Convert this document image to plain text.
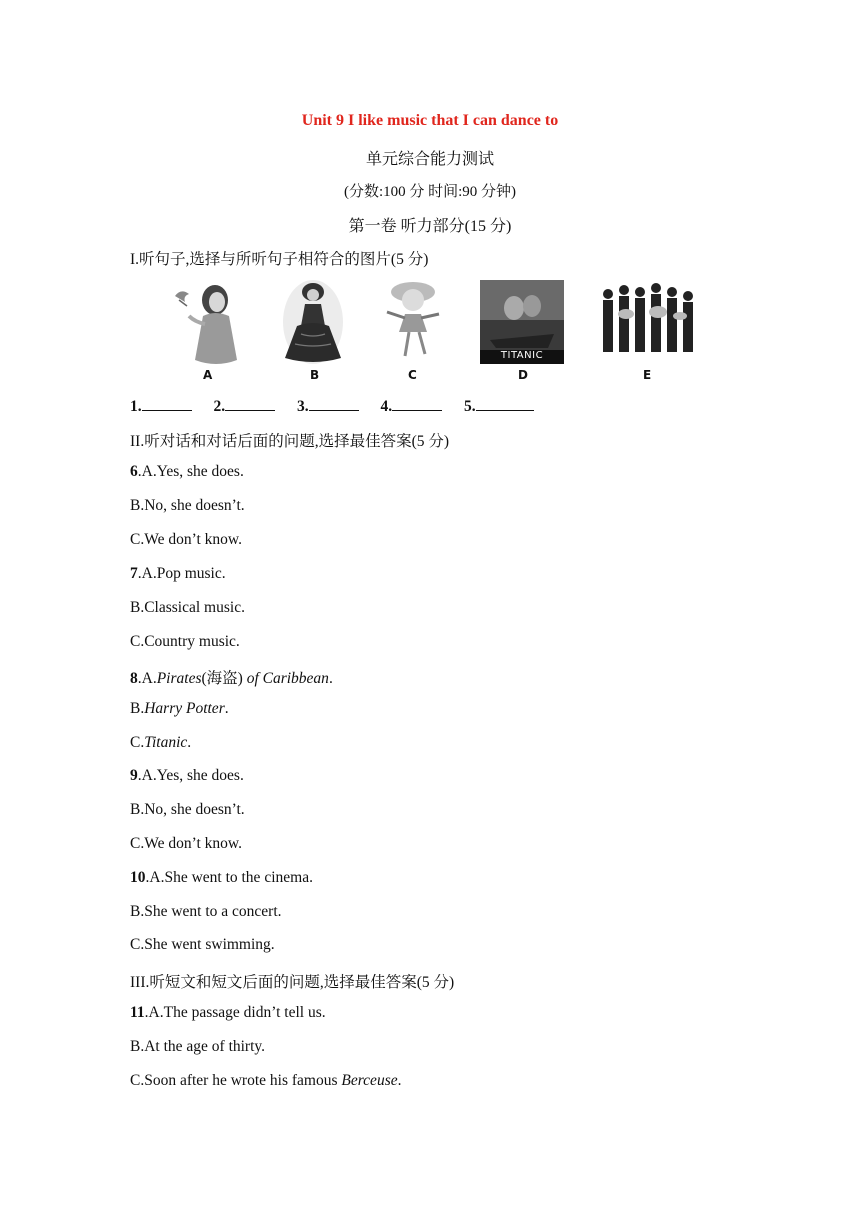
Unit 9 I like music that I can dance to
单元综合能力测试
(分数:100 分 时间:90 分钟)
第一卷 听力部分(15 分)
I.听句子,选择与所听句子相符合的图片(5 分)
A	B	C
TITANIC
D	E
1.	2.	3.	4.	5.
II.听对话和对话后面的问题,选择最佳答案(5 分)
6.A.Yes, she does.
B.No, she doesn’t.
C.We don’t know.
7.A.Pop music.
B.Classical music.
C.Country music.
8.A.Pirates(海盗) of Caribbean.
B.Harry Potter.
C.Titanic.
9.A.Yes, she does.
B.No, she doesn’t.
C.We don’t know.
10.A.She went to the cinema.
B.She went to a concert.
C.She went swimming.
III.听短文和短文后面的问题,选择最佳答案(5 分)
11.A.The passage didn’t tell us.
B.At the age of thirty.
C.Soon after he wrote his famous Berceuse.
